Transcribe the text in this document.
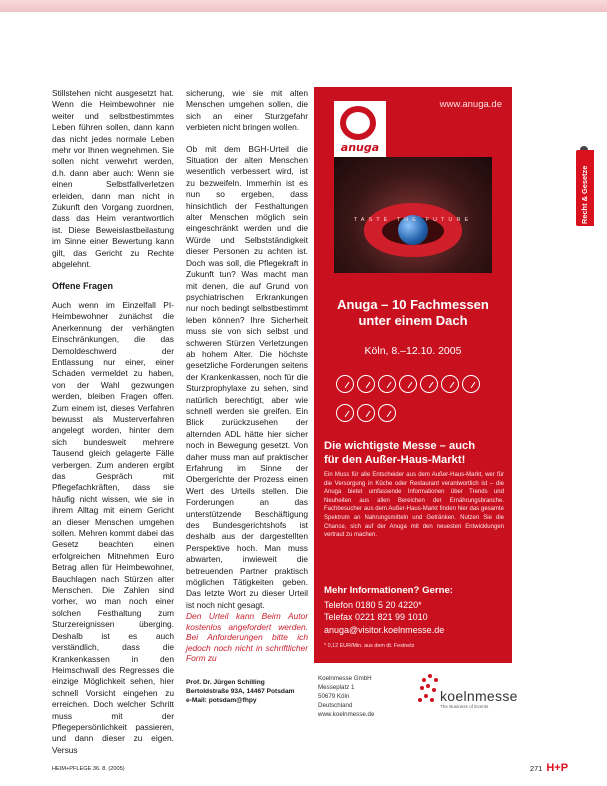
Stillstehen nicht ausgesetzt hat. Wenn die Heimbewohner nie weiter und selbstbestimmtes Leben führen sollen, dann kann das nicht jedes normale Leben mehr vor Ihnen wegnehmen. Sie sollen nicht verwehrt werden, d.h. dann aber auch: Wenn sie einen Selbstfallverletzen erleiden, dann man nicht in Zukunft den Vorgang zuordnen, dass das Heim verantwortlich ist. Diese Beweislastbeilastung im Sinne einer Bewertung kann gilt, das Gericht zu Rechte abgelehnt.

Offene Fragen

Auch wenn im Einzelfall PI-Heimbewohner zunächst die Anerkennung der verhängten Einschränkungen, die das Demoldeschwerd der Entlassung nur einer, einer Schaden vermeldet zu haben, von der Wahl gezwungen werden, bleiben Fragen offen. Zum einem ist, dieses Verfahren bewusst als Musterverfahren angelegt worden, hinter dem sich bundesweit mehrere Tausend gleich gelagerte Fälle verbergen. Zum anderen ergibt das Gespräch mit Pflegefachkräften, dass sie häufig nicht wissen, wie sie in ihrem Alltag mit einem Gericht an dieser Menschen umgehen sollen. Mehren kommt dabei das Gesetz beachten einen erfolgreichen Mitnehmen Euro Betrag allen für Heimbewohner, Bauchlagen nach Stürzen alter Menschen. Die Zahlen sind vorher, wo man noch einer solchen Festhaltung zum Sturzereignissen überging. Deshalb ist es auch verständlich, dass die Krankenkassen in den Heimschwall des Regresses die einzige Möglichkeit sehen, hier schnell Vorsicht eingehen zu erreichen. Doch welcher Schritt muss mit der Pflegepersönlichkeit passieren, und dann dieser zu eigen. Versus

sicherung, wie sie mit alten Menschen umgehen sollen, die sich an einer Sturzgefahr verbieten nicht bringen wollen.

Ob mit dem BGH-Urteil die Situation der alten Menschen wesentlich verbessert wird, ist zu bezweifeln. Immerhin ist es nun so ergeben, dass hinsichtlich der Festhaltungen alter Menschen möglich sein eingeschränkt werden und die Würde und Selbstständigkeit dieser Personen zu achten ist. Doch was soll, die Pflegekraft in Zukunft tun? Was macht man mit denen, die auf Grund von psychiatrischen Erkrankungen nur noch bedingt selbstbestimmt leben können? Ihre Sicherheit muss sie von sich selbst und schweren Stürzen Verletzungen ab hohem Alter. Die höchste gesetzliche Forderungen seitens der Krankenkassen, noch für die Sturzprophylaxe zu sehen, sind natürlich berechtigt, aber wie schnell werden sie greifen. Ein Blick zurückzusehen der alternden ADL hätte hier sicher noch in Bewegung gesetzt. Von daher muss man auf praktischer Erfahrung im Sinne der Obergerichte der Prozess einen Wert des Urteils stellen. Die Forderungen an das unterstützende Beschäftigung des Bundesgerichtshofs ist deshalb aus der dargestellten Perspektive hoch. Man muss abwarten, inwieweit die betreuenden Partner praktisch möglichen Tätigkeiten geben. Das letzte Wort zu dieser Urteil ist noch nicht gesagt.

Den Urteil kann Beim Autor kostenlos angefordert werden. Bei Anforderungen bitte ich jedoch noch nicht in schriftlicher Form zu

Prof. Dr. Jürgen Schilling
Bertoldstraße 93A, 14467 Potsdam
e-Mail: potsdam@fhpy
Recht & Gesetze
anuga
www.anuga.de
TASTE THE FUTURE
Anuga – 10 Fachmessen
unter einem Dach
Köln, 8.–12.10. 2005
Die wichtigste Messe – auch
für den Außer-Haus-Markt!
Ein Muss für alle Entscheider aus dem Außer-Haus-Markt, wer für die Versorgung in Küche oder Restaurant verantwortlich ist – die Anuga bietet umfassende Informationen über Trends und Neuheiten aus allen Bereichen der Ernährungsbranche. Fachbesucher aus dem Außer-Haus-Markt finden hier das gesamte Spektrum an Nahrungsmitteln und Getränken. Nutzen Sie die Chance, sich auf der Anuga mit den neuesten Entwicklungen vertraut zu machen.
Mehr Informationen? Gerne:
Telefon 0180 5 20 4220*
Telefax 0221 821 99 1010
anuga@visitor.koelnmesse.de
* 0,12 EUR/Min. aus dem dt. Festnetz
Koelnmesse GmbH
Messeplatz 1
50679 Köln
Deutschland
www.koelnmesse.de
koelnmesse
The Business of Events
HEIM+PFLEGE 36. 8. (2005)	271 H+P
